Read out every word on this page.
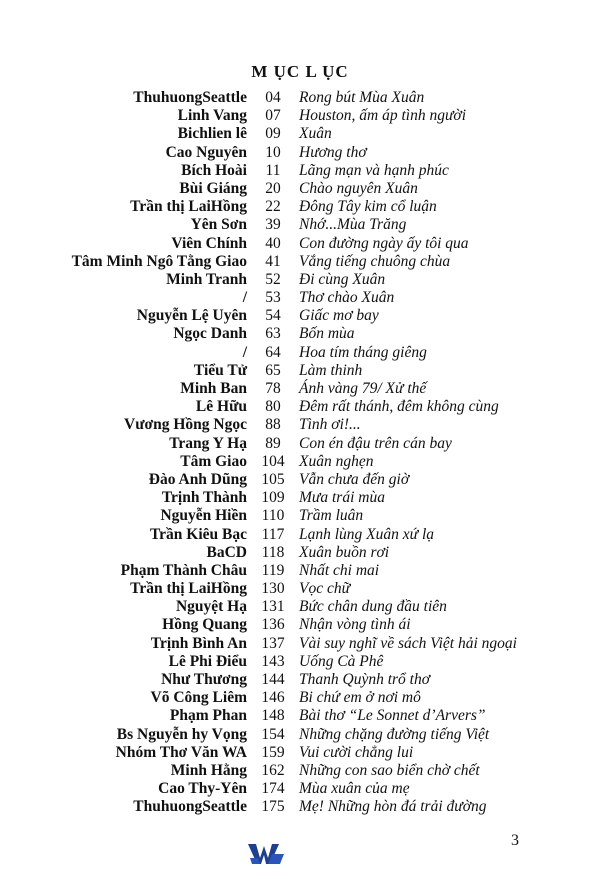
M ỤC L ỤC
ThuhuongSeattle	04	Rong bút Mùa Xuân
Linh Vang	07	Houston, ấm áp tình người
Bichlien lê	09	Xuân
Cao Nguyên	10	Hương thơ
Bích Hoài	11	Lãng mạn và hạnh phúc
Bùi Giáng	20	Chào nguyên Xuân
Trần thị LaiHồng	22	Đông Tây kim cổ luận
Yên Sơn	39	Nhớ...Mùa Trăng
Viên Chính	40	Con đường ngày ấy tôi qua
Tâm Minh Ngô Tằng Giao	41	Vắng tiếng chuông chùa
Minh Tranh	52	Đi cùng Xuân
/	53	Thơ chào Xuân
Nguyễn Lệ Uyên	54	Giấc mơ bay
Ngọc Danh	63	Bốn mùa
/	64	Hoa tím tháng giêng
Tiểu Tử	65	Làm thinh
Minh Ban	78	Ánh vàng 79/ Xử thế
Lê Hữu	80	Đêm rất thánh, đêm không cùng
Vương Hồng Ngọc	88	Tình ơi!...
Trang Y Hạ	89	Con én đậu trên cán bay
Tâm Giao 104 Xuân nghẹn
Đào Anh Dũng 105 Vẫn chưa đến giờ
Trịnh Thành 109 Mưa trái mùa
Nguyễn Hiền 110 Trầm luân
Trần Kiêu Bạc 117 Lạnh lùng Xuân xứ lạ
BaCD 118 Xuân buồn rơi
Phạm Thành Châu 119 Nhất chi mai
Trần thị LaiHồng 130 Vọc chữ
Nguyệt Hạ 131 Bức chân dung đầu tiên
Hồng Quang 136 Nhận vòng tình ái
Trịnh Bình An 137 Vài suy nghĩ về sách Việt hải ngoại
Lê Phi Điểu 143 Uống Cà Phê
Như Thương 144 Thanh Quỳnh trổ thơ
Võ Công Liêm 146 Bi chứ em ở nơi mô
Phạm Phan 148 Bài thơ “Le Sonnet d’Arvers”
Bs Nguyễn hy Vọng 154 Những chặng đường tiếng Việt
Nhóm Thơ Văn WA 159 Vui cười chẳng lui
Minh Hằng 162 Những con sao biển chờ chết
Cao Thy-Yên 174 Mùa xuân của mẹ
ThuhuongSeattle 175 Mẹ! Những hòn đá trải đường
3
